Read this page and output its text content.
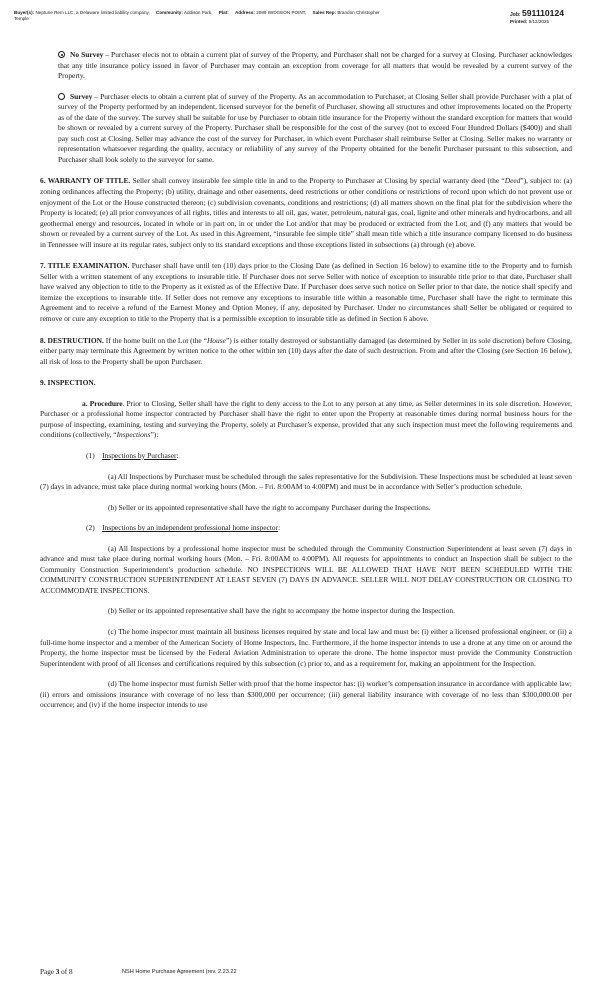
Buyer(s): Neptune Rem LLC, a Delaware limited liability company, Community: Addison Park, Plat: Address: 2089 WIDGEON POINT, Sales Rep: Brandon Christopher
Temple
Job: 591110124
Printed: 9/12/2025

No Survey – Purchaser elects not to obtain a current plat of survey of the Property, and Purchaser shall not be charged for a survey at Closing. Purchaser acknowledges that any title insurance policy issued in favor of Purchaser may contain an exception from coverage for all matters that would be revealed by a current survey of the Property.

Survey – Purchaser elects to obtain a current plat of survey of the Property. As an accommodation to Purchaser, at Closing Seller shall provide Purchaser with a plat of survey of the Property performed by an independent, licensed surveyor for the benefit of Purchaser, showing all structures and other improvements located on the Property as of the date of the survey. The survey shall be suitable for use by Purchaser to obtain title insurance for the Property without the standard exception for matters that would be shown or revealed by a current survey of the Property. Purchaser shall be responsible for the cost of the survey (not to exceed Four Hundred Dollars ($400)) and shall pay such cost at Closing. Seller may advance the cost of the survey for Purchaser, in which event Purchaser shall reimburse Seller at Closing. Seller makes no warranty or representation whatsoever regarding the quality, accuracy or reliability of any survey of the Property obtained for the benefit Purchaser pursuant to this subsection, and Purchaser shall look solely to the surveyor for same.

6. WARRANTY OF TITLE. Seller shall convey insurable fee simple title in and to the Property to Purchaser at Closing by special warranty deed (the “Deed”), subject to: (a) zoning ordinances affecting the Property; (b) utility, drainage and other easements, deed restrictions or other conditions or restrictions of record upon which do not prevent use or enjoyment of the Lot or the House constructed thereon; (c) subdivision covenants, conditions and restrictions; (d) all matters shown on the final plat for the subdivision where the Property is located; (e) all prior conveyances of all rights, titles and interests to all oil, gas, water, petroleum, natural gas, coal, lignite and other minerals and hydrocarbons, and all geothermal energy and resources, located in whole or in part on, in or under the Lot and/or that may be produced or extracted from the Lot; and (f) any matters that would be shown or revealed by a current survey of the Lot. As used in this Agreement, “insurable fee simple title” shall mean title which a title insurance company licensed to do business in Tennessee will insure at its regular rates, subject only to its standard exceptions and those exceptions listed in subsections (a) through (e) above.

7. TITLE EXAMINATION. Purchaser shall have until ten (10) days prior to the Closing Date (as defined in Section 16 below) to examine title to the Property and to furnish Seller with a written statement of any exceptions to insurable title. If Purchaser does not serve Seller with notice of exception to insurable title prior to that date, Purchaser shall have waived any objection to title to the Property as it existed as of the Effective Date. If Purchaser does serve such notice on Seller prior to that date, the notice shall specify and itemize the exceptions to insurable title. If Seller does not remove any exceptions to insurable title within a reasonable time, Purchaser shall have the right to terminate this Agreement and to receive a refund of the Earnest Money and Option Money, if any, deposited by Purchaser. Under no circumstances shall Seller be obligated or required to remove or cure any exception to title to the Property that is a permissible exception to insurable title as defined in Section 6 above.

8. DESTRUCTION. If the home built on the Lot (the “House”) is either totally destroyed or substantially damaged (as determined by Seller in its sole discretion) before Closing, either party may terminate this Agreement by written notice to the other within ten (10) days after the date of such destruction. From and after the Closing (see Section 16 below), all risk of loss to the Property shall be upon Purchaser.

9. INSPECTION.

a. Procedure. Prior to Closing, Seller shall have the right to deny access to the Lot to any person at any time, as Seller determines in its sole discretion. However, Purchaser or a professional home inspector contracted by Purchaser shall have the right to enter upon the Property at reasonable times during normal business hours for the purpose of inspecting, examining, testing and surveying the Property, solely at Purchaser’s expense, provided that any such inspection must meet the following requirements and conditions (collectively, “Inspections”):

(1) Inspections by Purchaser:

(a) All Inspections by Purchaser must be scheduled through the sales representative for the Subdivision. These Inspections must be scheduled at least seven (7) days in advance, must take place during normal working hours (Mon. – Fri. 8:00AM to 4:00PM) and must be in accordance with Seller’s production schedule.

(b) Seller or its appointed representative shall have the right to accompany Purchaser during the Inspections.

(2) Inspections by an independent professional home inspector:

(a) All Inspections by a professional home inspector must be scheduled through the Community Construction Superintendent at least seven (7) days in advance and must take place during normal working hours (Mon. – Fri. 8:00AM to 4:00PM). All requests for appointments to conduct an Inspection shall be subject to the Community Construction Superintendent’s production schedule. NO INSPECTIONS WILL BE ALLOWED THAT HAVE NOT BEEN SCHEDULED WITH THE COMMUNITY CONSTRUCTION SUPERINTENDENT AT LEAST SEVEN (7) DAYS IN ADVANCE. SELLER WILL NOT DELAY CONSTRUCTION OR CLOSING TO ACCOMMODATE INSPECTIONS.

(b) Seller or its appointed representative shall have the right to accompany the home inspector during the Inspection.

(c) The home inspector must maintain all business licenses required by state and local law and must be: (i) either a licensed professional engineer, or (ii) a full-time home inspector and a member of the American Society of Home Inspectors, Inc. Furthermore, if the home inspector intends to use a drone at any time on or around the Property, the home inspector must be licensed by the Federal Aviation Administration to operate the drone. The home inspector must provide the Community Construction Superintendent with proof of all licenses and certifications required by this subsection (c) prior to, and as a requirement for, making an appointment for the Inspection.

(d) The home inspector must furnish Seller with proof that the home inspector has: (i) worker’s compensation insurance in accordance with applicable law; (ii) errors and omissions insurance with coverage of no less than $300,000 per occurrence; (iii) general liability insurance with coverage of no less than $300,000.00 per occurrence; and (iv) if the home inspector intends to use

Page 3 of 8	NSH Home Purchase Agreement (rev. 2.23.22
